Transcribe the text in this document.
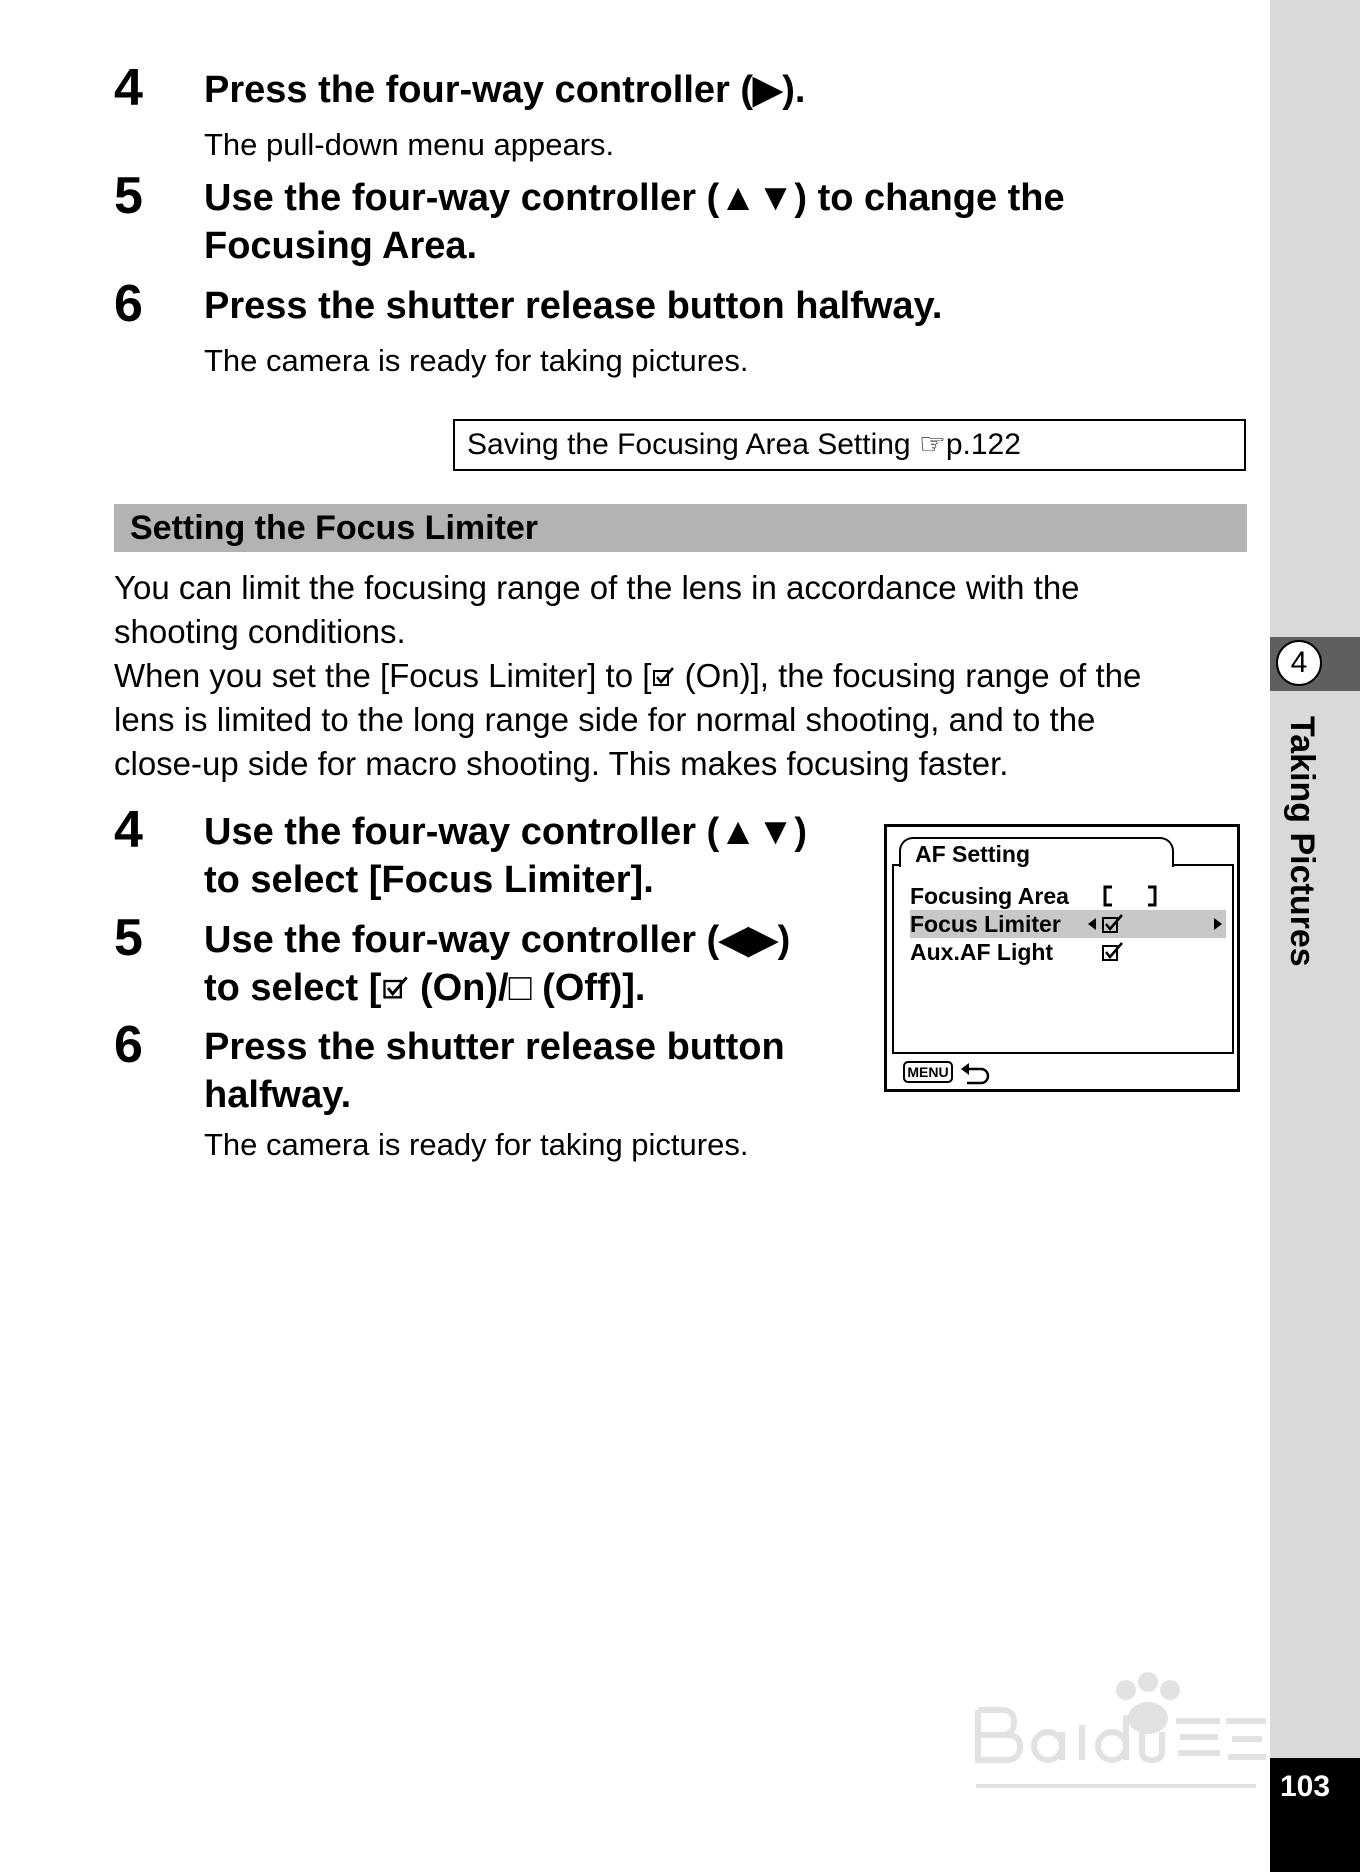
4 Press the four-way controller (▶).
The pull-down menu appears.
5 Use the four-way controller (▲▼) to change the
Focusing Area.
6 Press the shutter release button halfway.
The camera is ready for taking pictures.
Saving the Focusing Area Setting ☞p.122
Setting the Focus Limiter

You can limit the focusing range of the lens in accordance with the

shooting conditions.

When you set the [Focus Limiter] to [ (On)], the focusing range of the

lens is limited to the long range side for normal shooting, and to the

close-up side for macro shooting. This makes focusing faster.

4 Use the four-way controller (▲▼)
to select [Focus Limiter].
5 Use the four-way controller (◀▶)
to select [ (On)/□ (Off)].
6 Press the shutter release button
halfway.
The camera is ready for taking pictures.
Focusing Area
Focus Limiter
Aux.AF Light
AF Setting
MENU
4
Taking Pictures
103
